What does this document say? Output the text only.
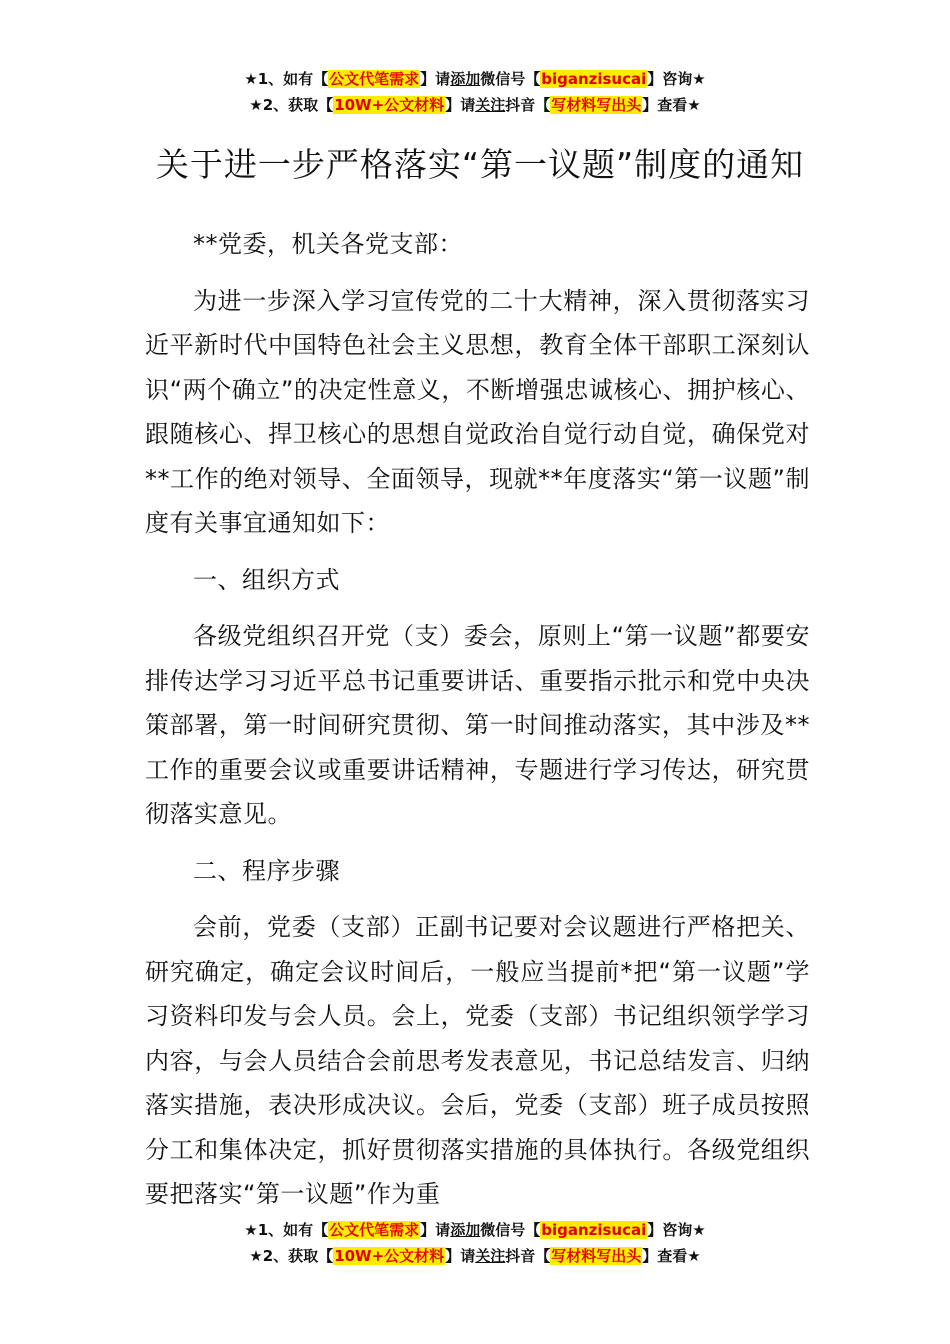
★1、如有【公文代笔需求】请添加微信号【biganzisucai】咨询★
★2、获取【10W+公文材料】请关注抖音【写材料写出头】查看★
关于进一步严格落实“第一议题”制度的通知

**党委，机关各党支部：

为进一步深入学习宣传党的二十大精神，深入贯彻落实习近平新时代中国特色社会主义思想，教育全体干部职工深刻认识“两个确立”的决定性意义，不断增强忠诚核心、拥护核心、跟随核心、捍卫核心的思想自觉政治自觉行动自觉，确保党对**工作的绝对领导、全面领导，现就**年度落实“第一议题”制度有关事宜通知如下：

一、组织方式

各级党组织召开党（支）委会，原则上“第一议题”都要安排传达学习习近平总书记重要讲话、重要指示批示和党中央决策部署，第一时间研究贯彻、第一时间推动落实，其中涉及**工作的重要会议或重要讲话精神，专题进行学习传达，研究贯彻落实意见。

二、程序步骤

会前，党委（支部）正副书记要对会议题进行严格把关、研究确定，确定会议时间后，一般应当提前*把“第一议题”学习资料印发与会人员。会上，党委（支部）书记组织领学学习内容，与会人员结合会前思考发表意见，书记总结发言、归纳落实措施，表决形成决议。会后，党委（支部）班子成员按照分工和集体决定，抓好贯彻落实措施的具体执行。各级党组织要把落实“第一议题”作为重

★1、如有【公文代笔需求】请添加微信号【biganzisucai】咨询★
★2、获取【10W+公文材料】请关注抖音【写材料写出头】查看★
